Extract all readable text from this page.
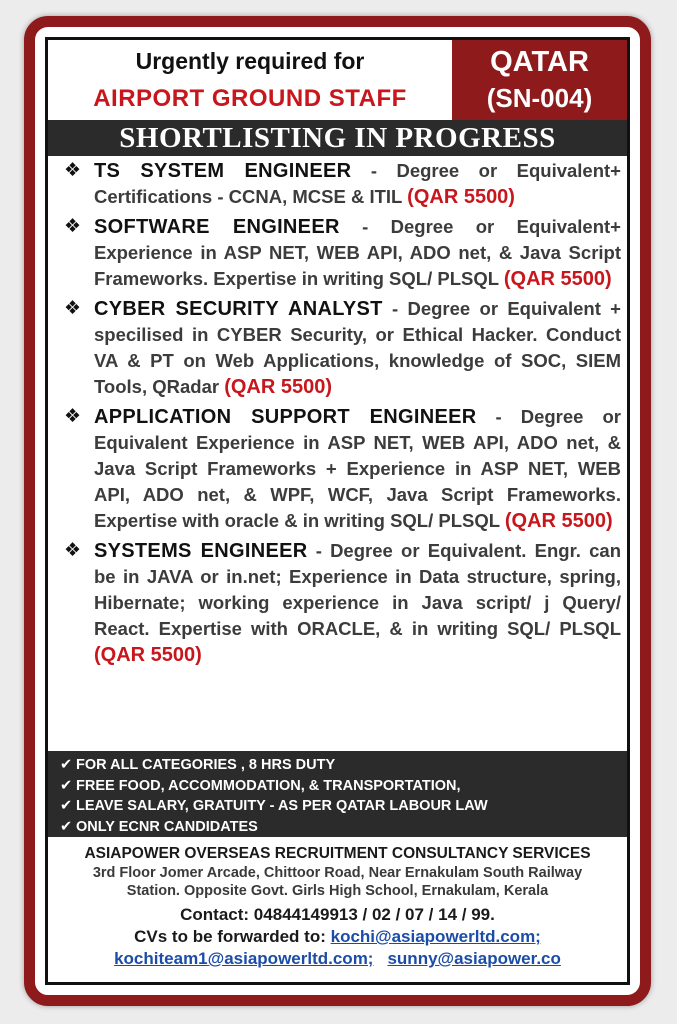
Urgently required for
AIRPORT GROUND STAFF
QATAR
(SN-004)
SHORTLISTING IN PROGRESS
❖ TS SYSTEM ENGINEER - Degree or Equivalent+ Certifications - CCNA, MCSE & ITIL (QAR 5500)
❖ SOFTWARE ENGINEER - Degree or Equivalent+ Experience in ASP NET, WEB API, ADO net, & Java Script Frameworks. Expertise in writing SQL/ PLSQL (QAR 5500)
❖ CYBER SECURITY ANALYST - Degree or Equivalent + specilised in CYBER Security, or Ethical Hacker. Conduct VA & PT on Web Applications, knowledge of SOC, SIEM Tools, QRadar (QAR 5500)
❖ APPLICATION SUPPORT ENGINEER - Degree or Equivalent Experience in ASP NET, WEB API, ADO net, & Java Script Frameworks + Experience in ASP NET, WEB API, ADO net, & WPF, WCF, Java Script Frameworks. Expertise with oracle & in writing SQL/ PLSQL (QAR 5500)
❖ SYSTEMS ENGINEER - Degree or Equivalent. Engr. can be in JAVA or in.net; Experience in Data structure, spring, Hibernate; working experience in Java script/ j Query/ React. Expertise with ORACLE, & in writing SQL/ PLSQL (QAR 5500)
✔ FOR ALL CATEGORIES , 8 HRS DUTY
✔ FREE FOOD, ACCOMMODATION, & TRANSPORTATION,
✔ LEAVE SALARY, GRATUITY - AS PER QATAR LABOUR LAW
✔ ONLY ECNR CANDIDATES
ASIAPOWER OVERSEAS RECRUITMENT CONSULTANCY SERVICES
3rd Floor Jomer Arcade, Chittoor Road, Near Ernakulam South Railway
Station. Opposite Govt. Girls High School, Ernakulam, Kerala
Contact: 04844149913 / 02 / 07 / 14 / 99.
CVs to be forwarded to: kochi@asiapowerltd.com;
kochiteam1@asiapowerltd.com; sunny@asiapower.co
